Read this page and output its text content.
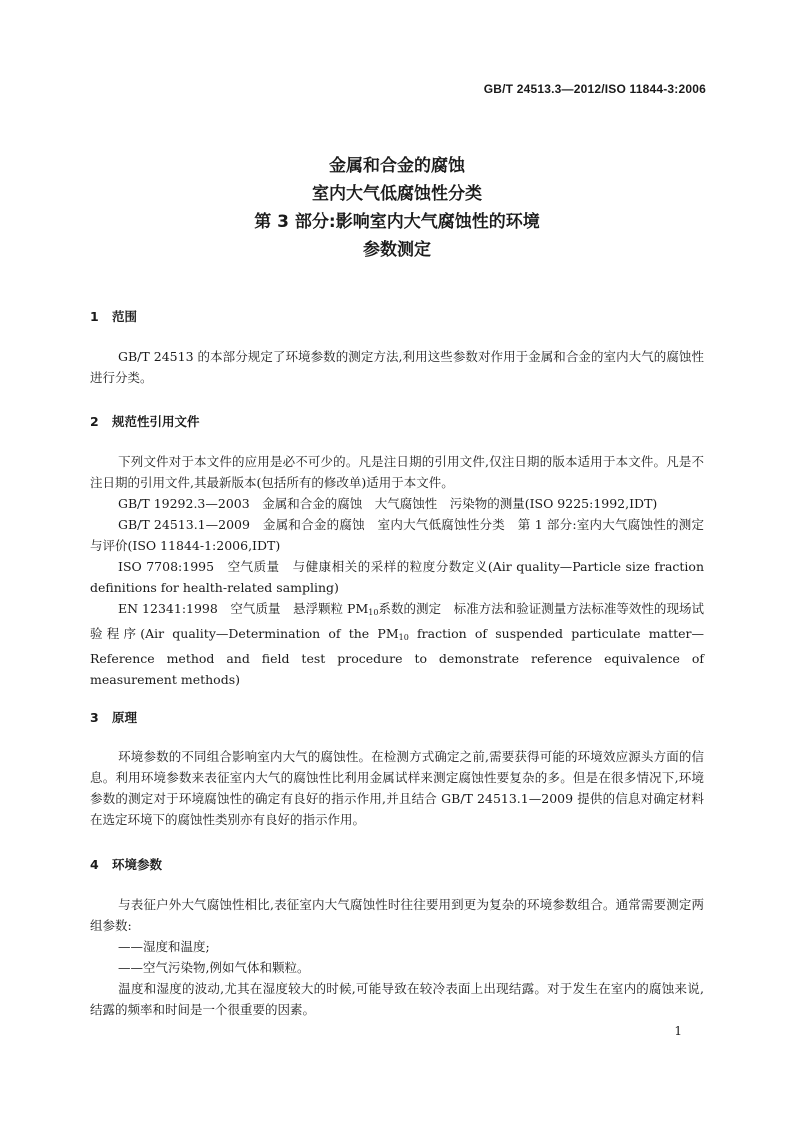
GB/T 24513.3—2012/ISO 11844-3:2006
金属和合金的腐蚀
室内大气低腐蚀性分类
第 3 部分:影响室内大气腐蚀性的环境
参数测定
1 范围
GB/T 24513 的本部分规定了环境参数的测定方法,利用这些参数对作用于金属和合金的室内大气的腐蚀性进行分类。
2 规范性引用文件
下列文件对于本文件的应用是必不可少的。凡是注日期的引用文件,仅注日期的版本适用于本文件。凡是不注日期的引用文件,其最新版本(包括所有的修改单)适用于本文件。
GB/T 19292.3—2003　金属和合金的腐蚀　大气腐蚀性　污染物的测量(ISO 9225:1992,IDT)
GB/T 24513.1—2009　金属和合金的腐蚀　室内大气低腐蚀性分类　第 1 部分:室内大气腐蚀性的测定与评价(ISO 11844-1:2006,IDT)
ISO 7708:1995　空气质量　与健康相关的采样的粒度分数定义(Air quality—Particle size fraction definitions for health-related sampling)
EN 12341:1998　空气质量　悬浮颗粒 $PM_{10}$系数的测定　标准方法和验证测量方法标准等效性的现场试验程序(Air quality—Determination of the $PM_{10}$ fraction of suspended particulate matter—Reference method and field test procedure to demonstrate reference equivalence of measurement methods)
3 原理
环境参数的不同组合影响室内大气的腐蚀性。在检测方式确定之前,需要获得可能的环境效应源头方面的信息。利用环境参数来表征室内大气的腐蚀性比利用金属试样来测定腐蚀性要复杂的多。但是在很多情况下,环境参数的测定对于环境腐蚀性的确定有良好的指示作用,并且结合 GB/T 24513.1—2009 提供的信息对确定材料在选定环境下的腐蚀性类别亦有良好的指示作用。
4 环境参数
与表征户外大气腐蚀性相比,表征室内大气腐蚀性时往往要用到更为复杂的环境参数组合。通常需要测定两组参数:
——湿度和温度;
——空气污染物,例如气体和颗粒。
温度和湿度的波动,尤其在湿度较大的时候,可能导致在较冷表面上出现结露。对于发生在室内的腐蚀来说,结露的频率和时间是一个很重要的因素。
1
